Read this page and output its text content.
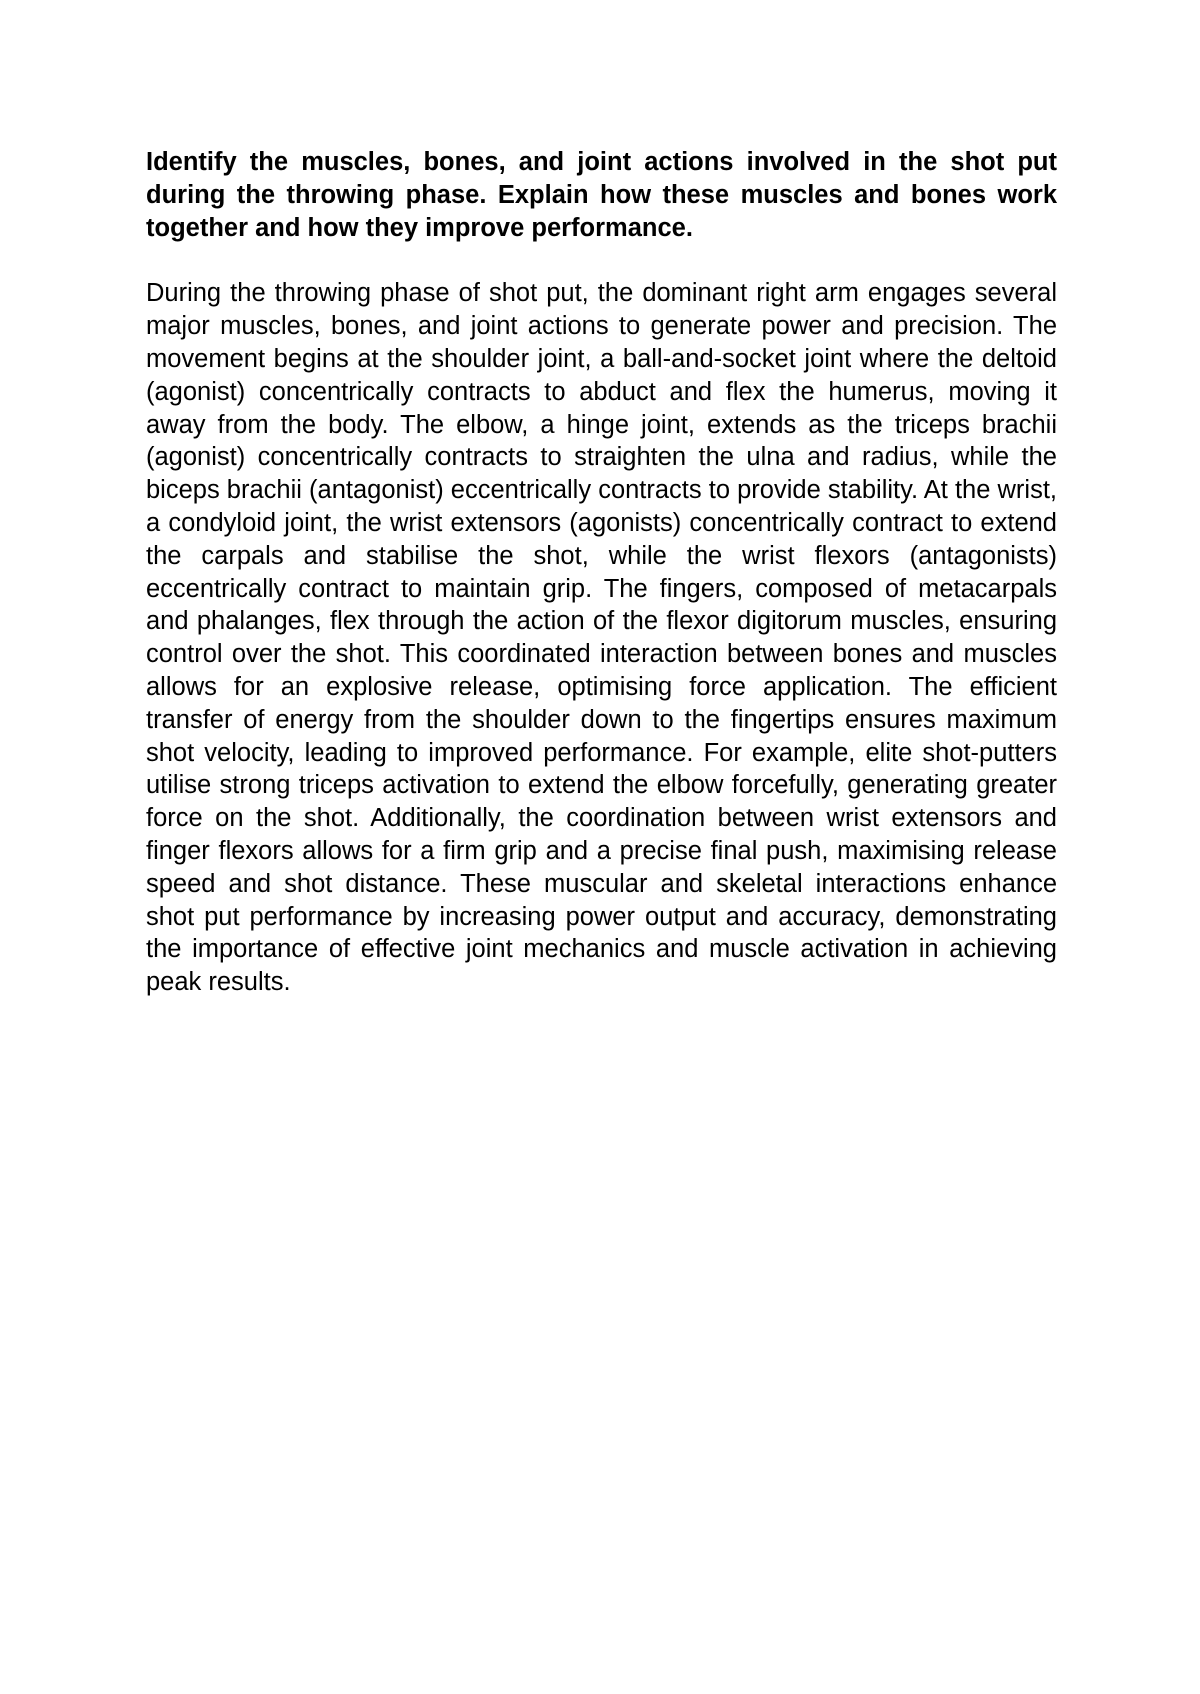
Identify the muscles, bones, and joint actions involved in the shot put during the throwing phase. Explain how these muscles and bones work together and how they improve performance.

During the throwing phase of shot put, the dominant right arm engages several major muscles, bones, and joint actions to generate power and precision. The movement begins at the shoulder joint, a ball-and-socket joint where the deltoid (agonist) concentrically contracts to abduct and flex the humerus, moving it away from the body. The elbow, a hinge joint, extends as the triceps brachii (agonist) concentrically contracts to straighten the ulna and radius, while the biceps brachii (antagonist) eccentrically contracts to provide stability. At the wrist, a condyloid joint, the wrist extensors (agonists) concentrically contract to extend the carpals and stabilise the shot, while the wrist flexors (antagonists) eccentrically contract to maintain grip. The fingers, composed of metacarpals and phalanges, flex through the action of the flexor digitorum muscles, ensuring control over the shot. This coordinated interaction between bones and muscles allows for an explosive release, optimising force application. The efficient transfer of energy from the shoulder down to the fingertips ensures maximum shot velocity, leading to improved performance. For example, elite shot-putters utilise strong triceps activation to extend the elbow forcefully, generating greater force on the shot. Additionally, the coordination between wrist extensors and finger flexors allows for a firm grip and a precise final push, maximising release speed and shot distance. These muscular and skeletal interactions enhance shot put performance by increasing power output and accuracy, demonstrating the importance of effective joint mechanics and muscle activation in achieving peak results.
